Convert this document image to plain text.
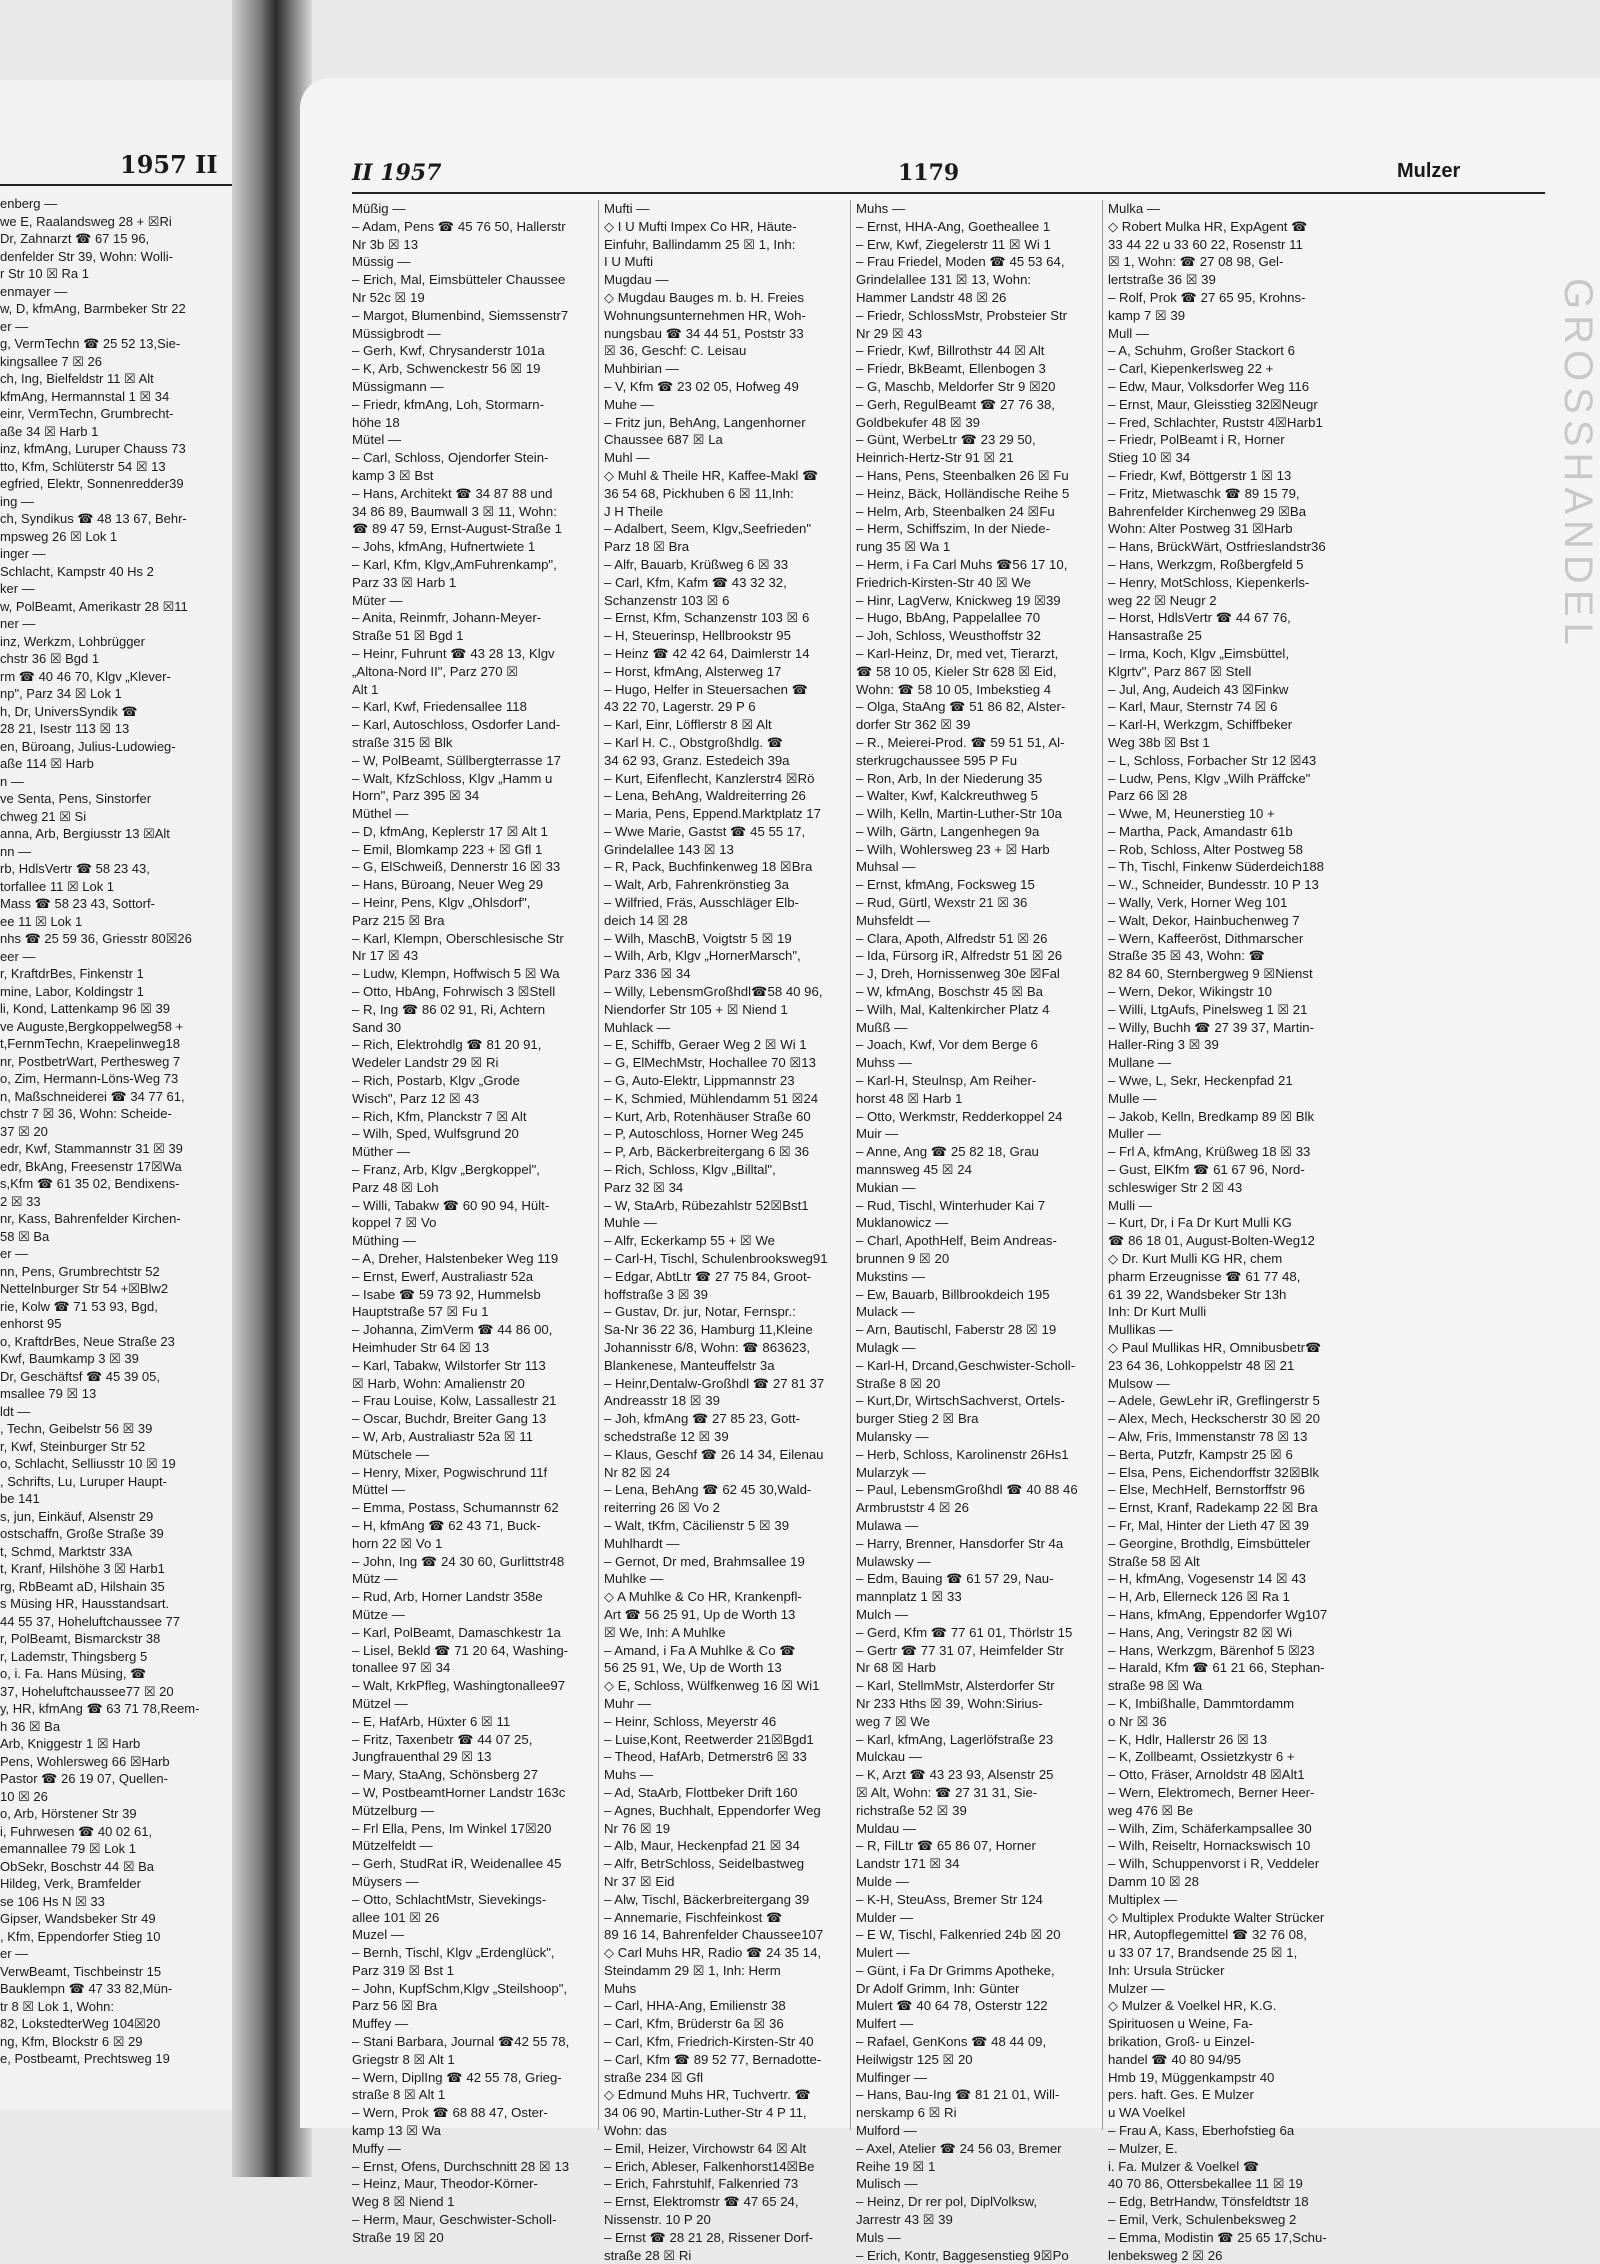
1957 II
enberg —
we E, Raalandsweg 28 + ☒Ri
Dr, Zahnarzt ☎ 67 15 96,
denfelder Str 39, Wohn: Wolli-
r Str 10 ☒ Ra 1
enmayer —
w, D, kfmAng, Barmbeker Str 22
er —
g, VermTechn ☎ 25 52 13,Sie-
kingsallee 7 ☒ 26
ch, Ing, Bielfeldstr 11 ☒ Alt
kfmAng, Hermannstal 1 ☒ 34
einr, VermTechn, Grumbrecht-
aße 34 ☒ Harb 1
inz, kfmAng, Luruper Chauss 73
tto, Kfm, Schlüterstr 54 ☒ 13
egfried, Elektr, Sonnenredder39
ing —
ch, Syndikus ☎ 48 13 67, Behr-
mpsweg 26 ☒ Lok 1
inger —
Schlacht, Kampstr 40 Hs 2
ker —
w, PolBeamt, Amerikastr 28 ☒11
ner —
inz, Werkzm, Lohbrügger
chstr 36 ☒ Bgd 1
rm ☎ 40 46 70, Klgv „Klever-
np", Parz 34 ☒ Lok 1
h, Dr, UniversSyndik ☎
28 21, Isestr 113 ☒ 13
en, Büroang, Julius-Ludowieg-
aße 114 ☒ Harb
n —
ve Senta, Pens, Sinstorfer
chweg 21 ☒ Si
anna, Arb, Bergiusstr 13 ☒Alt
nn —
rb, HdlsVertr ☎ 58 23 43,
torfallee 11 ☒ Lok 1
Mass ☎ 58 23 43, Sottorf-
ee 11 ☒ Lok 1
nhs ☎ 25 59 36, Griesstr 80☒26
eer —
r, KraftdrBes, Finkenstr 1
mine, Labor, Koldingstr 1
li, Kond, Lattenkamp 96 ☒ 39
ve Auguste,Bergkoppelweg58 +
t,FernmTechn, Kraepelinweg18
nr, PostbetrWart, Perthesweg 7
o, Zim, Hermann-Löns-Weg 73
n, Maßschneiderei ☎ 34 77 61,
chstr 7 ☒ 36, Wohn: Scheide-
37 ☒ 20
edr, Kwf, Stammannstr 31 ☒ 39
edr, BkAng, Freesenstr 17☒Wa
s,Kfm ☎ 61 35 02, Bendixens-
2 ☒ 33
nr, Kass, Bahrenfelder Kirchen-
58 ☒ Ba
er —
nn, Pens, Grumbrechtstr 52
Nettelnburger Str 54 +☒Blw2
rie, Kolw ☎ 71 53 93, Bgd,
enhorst 95
o, KraftdrBes, Neue Straße 23
Kwf, Baumkamp 3 ☒ 39
Dr, Geschäftsf ☎ 45 39 05,
msallee 79 ☒ 13
ldt —
, Techn, Geibelstr 56 ☒ 39
r, Kwf, Steinburger Str 52
o, Schlacht, Selliusstr 10 ☒ 19
, Schrifts, Lu, Luruper Haupt-
be 141
s, jun, Einkäuf, Alsenstr 29
ostschaffn, Große Straße 39
t, Schmd, Marktstr 33A
t, Kranf, Hilshöhe 3 ☒ Harb1
rg, RbBeamt aD, Hilshain 35
s Müsing HR, Hausstandsart.
44 55 37, Hoheluftchaussee 77
r, PolBeamt, Bismarckstr 38
r, Lademstr, Thingsberg 5
o, i. Fa. Hans Müsing, ☎
37, Hoheluftchaussee77 ☒ 20
y, HR, kfmAng ☎ 63 71 78,Reem-
h 36 ☒ Ba
Arb, Kniggestr 1 ☒ Harb
Pens, Wohlersweg 66 ☒Harb
Pastor ☎ 26 19 07, Quellen-
10 ☒ 26
o, Arb, Hörstener Str 39
i, Fuhrwesen ☎ 40 02 61,
emannallee 79 ☒ Lok 1
ObSekr, Boschstr 44 ☒ Ba
Hildeg, Verk, Bramfelder
se 106 Hs N ☒ 33
Gipser, Wandsbeker Str 49
, Kfm, Eppendorfer Stieg 10
er —
VerwBeamt, Tischbeinstr 15
Bauklempn ☎ 47 33 82,Mün-
tr 8 ☒ Lok 1, Wohn:
82, LokstedterWeg 104☒20
ng, Kfm, Blockstr 6 ☒ 29
e, Postbeamt, Prechtsweg 19
II 1957	1179	Mulzer
Müßig —
– Adam, Pens ☎ 45 76 50, Hallerstr
Nr 3b ☒ 13
Müssig —
– Erich, Mal, Eimsbütteler Chaussee
Nr 52c ☒ 19
– Margot, Blumenbind, Siemssenstr7
Müssigbrodt —
– Gerh, Kwf, Chrysanderstr 101a
– K, Arb, Schwenckestr 56 ☒ 19
Müssigmann —
– Friedr, kfmAng, Loh, Stormarn-
höhe 18
Mütel —
– Carl, Schloss, Ojendorfer Stein-
kamp 3 ☒ Bst
– Hans, Architekt ☎ 34 87 88 und
34 86 89, Baumwall 3 ☒ 11, Wohn:
☎ 89 47 59, Ernst-August-Straße 1
– Johs, kfmAng, Hufnertwiete 1
– Karl, Kfm, Klgv„AmFuhrenkamp",
Parz 33 ☒ Harb 1
Müter —
– Anita, Reinmfr, Johann-Meyer-
Straße 51 ☒ Bgd 1
– Heinr, Fuhrunt ☎ 43 28 13, Klgv
„Altona-Nord II", Parz 270 ☒
Alt 1
– Karl, Kwf, Friedensallee 118
– Karl, Autoschloss, Osdorfer Land-
straße 315 ☒ Blk
– W, PolBeamt, Süllbergterrasse 17
– Walt, KfzSchloss, Klgv „Hamm u
Horn", Parz 395 ☒ 34
Müthel —
– D, kfmAng, Keplerstr 17 ☒ Alt 1
– Emil, Blomkamp 223 + ☒ Gfl 1
– G, ElSchweiß, Dennerstr 16 ☒ 33
– Hans, Büroang, Neuer Weg 29
– Heinr, Pens, Klgv „Ohlsdorf",
Parz 215 ☒ Bra
– Karl, Klempn, Oberschlesische Str
Nr 17 ☒ 43
– Ludw, Klempn, Hoffwisch 5 ☒ Wa
– Otto, HbAng, Fohrwisch 3 ☒Stell
– R, Ing ☎ 86 02 91, Ri, Achtern
Sand 30
– Rich, Elektrohdlg ☎ 81 20 91,
Wedeler Landstr 29 ☒ Ri
– Rich, Postarb, Klgv „Grode
Wisch", Parz 12 ☒ 43
– Rich, Kfm, Planckstr 7 ☒ Alt
– Wilh, Sped, Wulfsgrund 20
Müther —
– Franz, Arb, Klgv „Bergkoppel",
Parz 48 ☒ Loh
– Willi, Tabakw ☎ 60 90 94, Hült-
koppel 7 ☒ Vo
Müthing —
– A, Dreher, Halstenbeker Weg 119
– Ernst, Ewerf, Australiastr 52a
– Isabe ☎ 59 73 92, Hummelsb
Hauptstraße 57 ☒ Fu 1
– Johanna, ZimVerm ☎ 44 86 00,
Heimhuder Str 64 ☒ 13
– Karl, Tabakw, Wilstorfer Str 113
☒ Harb, Wohn: Amalienstr 20
– Frau Louise, Kolw, Lassallestr 21
– Oscar, Buchdr, Breiter Gang 13
– W, Arb, Australiastr 52a ☒ 11
Mütschele —
– Henry, Mixer, Pogwischrund 11f
Müttel —
– Emma, Postass, Schumannstr 62
– H, kfmAng ☎ 62 43 71, Buck-
horn 22 ☒ Vo 1
– John, Ing ☎ 24 30 60, Gurlittstr48
Mütz —
– Rud, Arb, Horner Landstr 358e
Mütze —
– Karl, PolBeamt, Damaschkestr 1a
– Lisel, Bekld ☎ 71 20 64, Washing-
tonallee 97 ☒ 34
– Walt, KrkPfleg, Washingtonallee97
Mützel —
– E, HafArb, Hüxter 6 ☒ 11
– Fritz, Taxenbetr ☎ 44 07 25,
Jungfrauenthal 29 ☒ 13
– Mary, StaAng, Schönsberg 27
– W, PostbeamtHorner Landstr 163c
Mützelburg —
– Frl Ella, Pens, Im Winkel 17☒20
Mützelfeldt —
– Gerh, StudRat iR, Weidenallee 45
Müysers —
– Otto, SchlachtMstr, Sievekings-
allee 101 ☒ 26
Muzel —
– Bernh, Tischl, Klgv „Erdenglück",
Parz 319 ☒ Bst 1
– John, KupfSchm,Klgv „Steilshoop",
Parz 56 ☒ Bra
Muffey —
– Stani Barbara, Journal ☎42 55 78,
Griegstr 8 ☒ Alt 1
– Wern, DiplIng ☎ 42 55 78, Grieg-
straße 8 ☒ Alt 1
– Wern, Prok ☎ 68 88 47, Oster-
kamp 13 ☒ Wa
Muffy —
– Ernst, Ofens, Durchschnitt 28 ☒ 13
– Heinz, Maur, Theodor-Körner-
Weg 8 ☒ Niend 1
– Herm, Maur, Geschwister-Scholl-
Straße 19 ☒ 20
Mufti —
◇ I U Mufti Impex Co HR, Häute-
Einfuhr, Ballindamm 25 ☒ 1, Inh:
I U Mufti
Mugdau —
◇ Mugdau Bauges m. b. H. Freies
Wohnungsunternehmen HR, Woh-
nungsbau ☎ 34 44 51, Poststr 33
☒ 36, Geschf: C. Leisau
Muhbirian —
– V, Kfm ☎ 23 02 05, Hofweg 49
Muhe —
– Fritz jun, BehAng, Langenhorner
Chaussee 687 ☒ La
Muhl —
◇ Muhl & Theile HR, Kaffee-Makl ☎
36 54 68, Pickhuben 6 ☒ 11,Inh:
J H Theile
– Adalbert, Seem, Klgv„Seefrieden"
Parz 18 ☒ Bra
– Alfr, Bauarb, Krüßweg 6 ☒ 33
– Carl, Kfm, Kafm ☎ 43 32 32,
Schanzenstr 103 ☒ 6
– Ernst, Kfm, Schanzenstr 103 ☒ 6
– H, Steuerinsp, Hellbrookstr 95
– Heinz ☎ 42 42 64, Daimlerstr 14
– Horst, kfmAng, Alsterweg 17
– Hugo, Helfer in Steuersachen ☎
43 22 70, Lagerstr. 29 P 6
– Karl, Einr, Löfflerstr 8 ☒ Alt
– Karl H. C., Obstgroßhdlg. ☎
34 62 93, Granz. Estedeich 39a
– Kurt, Eifenflecht, Kanzlerstr4 ☒Rö
– Lena, BehAng, Waldreiterring 26
– Maria, Pens, Eppend.Marktplatz 17
– Wwe Marie, Gastst ☎ 45 55 17,
Grindelallee 143 ☒ 13
– R, Pack, Buchfinkenweg 18 ☒Bra
– Walt, Arb, Fahrenkrönstieg 3a
– Wilfried, Fräs, Ausschläger Elb-
deich 14 ☒ 28
– Wilh, MaschB, Voigtstr 5 ☒ 19
– Wilh, Arb, Klgv „HornerMarsch",
Parz 336 ☒ 34
– Willy, LebensmGroßhdl☎58 40 96,
Niendorfer Str 105 + ☒ Niend 1
Muhlack —
– E, Schiffb, Geraer Weg 2 ☒ Wi 1
– G, ElMechMstr, Hochallee 70 ☒13
– G, Auto-Elektr, Lippmannstr 23
– K, Schmied, Mühlendamm 51 ☒24
– Kurt, Arb, Rotenhäuser Straße 60
– P, Autoschloss, Horner Weg 245
– P, Arb, Bäckerbreitergang 6 ☒ 36
– Rich, Schloss, Klgv „Billtal",
Parz 32 ☒ 34
– W, StaArb, Rübezahlstr 52☒Bst1
Muhle —
– Alfr, Eckerkamp 55 + ☒ We
– Carl-H, Tischl, Schulenbrooksweg91
– Edgar, AbtLtr ☎ 27 75 84, Groot-
hoffstraße 3 ☒ 39
– Gustav, Dr. jur, Notar, Fernspr.:
Sa-Nr 36 22 36, Hamburg 11,Kleine
Johannisstr 6/8, Wohn: ☎ 863623,
Blankenese, Manteuffelstr 3a
– Heinr,Dentalw-Großhdl ☎ 27 81 37
Andreasstr 18 ☒ 39
– Joh, kfmAng ☎ 27 85 23, Gott-
schedstraße 12 ☒ 39
– Klaus, Geschf ☎ 26 14 34, Eilenau
Nr 82 ☒ 24
– Lena, BehAng ☎ 62 45 30,Wald-
reiterring 26 ☒ Vo 2
– Walt, tKfm, Cäcilienstr 5 ☒ 39
Muhlhardt —
– Gernot, Dr med, Brahmsallee 19
Muhlke —
◇ A Muhlke & Co HR, Krankenpfl-
Art ☎ 56 25 91, Up de Worth 13
☒ We, Inh: A Muhlke
– Amand, i Fa A Muhlke & Co ☎
56 25 91, We, Up de Worth 13
◇ E, Schloss, Wülfkenweg 16 ☒ Wi1
Muhr —
– Heinr, Schloss, Meyerstr 46
– Luise,Kont, Reetwerder 21☒Bgd1
– Theod, HafArb, Detmerstr6 ☒ 33
Muhs —
– Ad, StaArb, Flottbeker Drift 160
– Agnes, Buchhalt, Eppendorfer Weg
Nr 76 ☒ 19
– Alb, Maur, Heckenpfad 21 ☒ 34
– Alfr, BetrSchloss, Seidelbastweg
Nr 37 ☒ Eid
– Alw, Tischl, Bäckerbreitergang 39
– Annemarie, Fischfeinkost ☎
89 16 14, Bahrenfelder Chaussee107
◇ Carl Muhs HR, Radio ☎ 24 35 14,
Steindamm 29 ☒ 1, Inh: Herm
Muhs
– Carl, HHA-Ang, Emilienstr 38
– Carl, Kfm, Brüderstr 6a ☒ 36
– Carl, Kfm, Friedrich-Kirsten-Str 40
– Carl, Kfm ☎ 89 52 77, Bernadotte-
straße 234 ☒ Gfl
◇ Edmund Muhs HR, Tuchvertr. ☎
34 06 90, Martin-Luther-Str 4 P 11,
Wohn: das
– Emil, Heizer, Virchowstr 64 ☒ Alt
– Erich, Ableser, Falkenhorst14☒Be
– Erich, Fahrstuhlf, Falkenried 73
– Ernst, Elektromstr ☎ 47 65 24,
Nissenstr. 10 P 20
– Ernst ☎ 28 21 28, Rissener Dorf-
straße 28 ☒ Ri
Muhs —
– Ernst, HHA-Ang, Goetheallee 1
– Erw, Kwf, Ziegelerstr 11 ☒ Wi 1
– Frau Friedel, Moden ☎ 45 53 64,
Grindelallee 131 ☒ 13, Wohn:
Hammer Landstr 48 ☒ 26
– Friedr, SchlossMstr, Probsteier Str
Nr 29 ☒ 43
– Friedr, Kwf, Billrothstr 44 ☒ Alt
– Friedr, BkBeamt, Ellenbogen 3
– G, Maschb, Meldorfer Str 9 ☒20
– Gerh, RegulBeamt ☎ 27 76 38,
Goldbekufer 48 ☒ 39
– Günt, WerbeLtr ☎ 23 29 50,
Heinrich-Hertz-Str 91 ☒ 21
– Hans, Pens, Steenbalken 26 ☒ Fu
– Heinz, Bäck, Holländische Reihe 5
– Helm, Arb, Steenbalken 24 ☒Fu
– Herm, Schiffszim, In der Niede-
rung 35 ☒ Wa 1
– Herm, i Fa Carl Muhs ☎56 17 10,
Friedrich-Kirsten-Str 40 ☒ We
– Hinr, LagVerw, Knickweg 19 ☒39
– Hugo, BbAng, Pappelallee 70
– Joh, Schloss, Weusthoffstr 32
– Karl-Heinz, Dr, med vet, Tierarzt,
☎ 58 10 05, Kieler Str 628 ☒ Eid,
Wohn: ☎ 58 10 05, Imbekstieg 4
– Olga, StaAng ☎ 51 86 82, Alster-
dorfer Str 362 ☒ 39
– R., Meierei-Prod. ☎ 59 51 51, Al-
sterkrugchaussee 595 P Fu
– Ron, Arb, In der Niederung 35
– Walter, Kwf, Kalckreuthweg 5
– Wilh, Kelln, Martin-Luther-Str 10a
– Wilh, Gärtn, Langenhegen 9a
– Wilh, Wohlersweg 23 + ☒ Harb
Muhsal —
– Ernst, kfmAng, Focksweg 15
– Rud, Gürtl, Wexstr 21 ☒ 36
Muhsfeldt —
– Clara, Apoth, Alfredstr 51 ☒ 26
– Ida, Fürsorg iR, Alfredstr 51 ☒ 26
– J, Dreh, Hornissenweg 30e ☒Fal
– W, kfmAng, Boschstr 45 ☒ Ba
– Wilh, Mal, Kaltenkircher Platz 4
Mußß —
– Joach, Kwf, Vor dem Berge 6
Muhss —
– Karl-H, Steulnsp, Am Reiher-
horst 48 ☒ Harb 1
– Otto, Werkmstr, Redderkoppel 24
Muir —
– Anne, Ang ☎ 25 82 18, Grau
mannsweg 45 ☒ 24
Mukian —
– Rud, Tischl, Winterhuder Kai 7
Muklanowicz —
– Charl, ApothHelf, Beim Andreas-
brunnen 9 ☒ 20
Mukstins —
– Ew, Bauarb, Billbrookdeich 195
Mulack —
– Arn, Bautischl, Faberstr 28 ☒ 19
Mulagk —
– Karl-H, Drcand,Geschwister-Scholl-
Straße 8 ☒ 20
– Kurt,Dr, WirtschSachverst, Ortels-
burger Stieg 2 ☒ Bra
Mulansky —
– Herb, Schloss, Karolinenstr 26Hs1
Mularzyk —
– Paul, LebensmGroßhdl ☎ 40 88 46
Armbruststr 4 ☒ 26
Mulawa —
– Harry, Brenner, Hansdorfer Str 4a
Mulawsky —
– Edm, Bauing ☎ 61 57 29, Nau-
mannplatz 1 ☒ 33
Mulch —
– Gerd, Kfm ☎ 77 61 01, Thörlstr 15
– Gertr ☎ 77 31 07, Heimfelder Str
Nr 68 ☒ Harb
– Karl, StellmMstr, Alsterdorfer Str
Nr 233 Hths ☒ 39, Wohn:Sirius-
weg 7 ☒ We
– Karl, kfmAng, Lagerlöfstraße 23
Mulckau —
– K, Arzt ☎ 43 23 93, Alsenstr 25
☒ Alt, Wohn: ☎ 27 31 31, Sie-
richstraße 52 ☒ 39
Muldau —
– R, FilLtr ☎ 65 86 07, Horner
Landstr 171 ☒ 34
Mulde —
– K-H, SteuAss, Bremer Str 124
Mulder —
– E W, Tischl, Falkenried 24b ☒ 20
Mulert —
– Günt, i Fa Dr Grimms Apotheke,
Dr Adolf Grimm, Inh: Günter
Mulert ☎ 40 64 78, Osterstr 122
Mulfert —
– Rafael, GenKons ☎ 48 44 09,
Heilwigstr 125 ☒ 20
Mulfinger —
– Hans, Bau-Ing ☎ 81 21 01, Will-
nerskamp 6 ☒ Ri
Mulford —
– Axel, Atelier ☎ 24 56 03, Bremer
Reihe 19 ☒ 1
Mulisch —
– Heinz, Dr rer pol, DiplVolksw,
Jarrestr 43 ☒ 39
Muls —
– Erich, Kontr, Baggesenstieg 9☒Po
Mulka —
◇ Robert Mulka HR, ExpAgent ☎
33 44 22 u 33 60 22, Rosenstr 11
☒ 1, Wohn: ☎ 27 08 98, Gel-
lertstraße 36 ☒ 39
– Rolf, Prok ☎ 27 65 95, Krohns-
kamp 7 ☒ 39
Mull —
– A, Schuhm, Großer Stackort 6
– Carl, Kiepenkerlsweg 22 +
– Edw, Maur, Volksdorfer Weg 116
– Ernst, Maur, Gleisstieg 32☒Neugr
– Fred, Schlachter, Ruststr 4☒Harb1
– Friedr, PolBeamt i R, Horner
Stieg 10 ☒ 34
– Friedr, Kwf, Böttgerstr 1 ☒ 13
– Fritz, Mietwaschk ☎ 89 15 79,
Bahrenfelder Kirchenweg 29 ☒Ba
Wohn: Alter Postweg 31 ☒Harb
– Hans, BrückWärt, Ostfrieslandstr36
– Hans, Werkzgm, Roßbergfeld 5
– Henry, MotSchloss, Kiepenkerls-
weg 22 ☒ Neugr 2
– Horst, HdlsVertr ☎ 44 67 76,
Hansastraße 25
– Irma, Koch, Klgv „Eimsbüttel,
Klgrtv", Parz 867 ☒ Stell
– Jul, Ang, Audeich 43 ☒Finkw
– Karl, Maur, Sternstr 74 ☒ 6
– Karl-H, Werkzgm, Schiffbeker
Weg 38b ☒ Bst 1
– L, Schloss, Forbacher Str 12 ☒43
– Ludw, Pens, Klgv „Wilh Präffcke"
Parz 66 ☒ 28
– Wwe, M, Heunerstieg 10 +
– Martha, Pack, Amandastr 61b
– Rob, Schloss, Alter Postweg 58
– Th, Tischl, Finkenw Süderdeich188
– W., Schneider, Bundesstr. 10 P 13
– Wally, Verk, Horner Weg 101
– Walt, Dekor, Hainbuchenweg 7
– Wern, Kaffeeröst, Dithmarscher
Straße 35 ☒ 43, Wohn: ☎
82 84 60, Sternbergweg 9 ☒Nienst
– Wern, Dekor, Wikingstr 10
– Willi, LtgAufs, Pinelsweg 1 ☒ 21
– Willy, Buchh ☎ 27 39 37, Martin-
Haller-Ring 3 ☒ 39
Mullane —
– Wwe, L, Sekr, Heckenpfad 21
Mulle —
– Jakob, Kelln, Bredkamp 89 ☒ Blk
Muller —
– Frl A, kfmAng, Krüßweg 18 ☒ 33
– Gust, ElKfm ☎ 61 67 96, Nord-
schleswiger Str 2 ☒ 43
Mulli —
– Kurt, Dr, i Fa Dr Kurt Mulli KG
☎ 86 18 01, August-Bolten-Weg12
◇ Dr. Kurt Mulli KG HR, chem
pharm Erzeugnisse ☎ 61 77 48,
61 39 22, Wandsbeker Str 13h
Inh: Dr Kurt Mulli
Mullikas —
◇ Paul Mullikas HR, Omnibusbetr☎
23 64 36, Lohkoppelstr 48 ☒ 21
Mulsow —
– Adele, GewLehr iR, Greflingerstr 5
– Alex, Mech, Heckscherstr 30 ☒ 20
– Alw, Fris, Immenstanstr 78 ☒ 13
– Berta, Putzfr, Kampstr 25 ☒ 6
– Elsa, Pens, Eichendorffstr 32☒Blk
– Else, MechHelf, Bernstorffstr 96
– Ernst, Kranf, Radekamp 22 ☒ Bra
– Fr, Mal, Hinter der Lieth 47 ☒ 39
– Georgine, Brothdlg, Eimsbütteler
Straße 58 ☒ Alt
– H, kfmAng, Vogesenstr 14 ☒ 43
– H, Arb, Ellerneck 126 ☒ Ra 1
– Hans, kfmAng, Eppendorfer Wg107
– Hans, Ang, Veringstr 82 ☒ Wi
– Hans, Werkzgm, Bärenhof 5 ☒23
– Harald, Kfm ☎ 61 21 66, Stephan-
straße 98 ☒ Wa
– K, Imbißhalle, Dammtordamm
o Nr ☒ 36
– K, Hdlr, Hallerstr 26 ☒ 13
– K, Zollbeamt, Ossietzkystr 6 +
– Otto, Fräser, Arnoldstr 48 ☒Alt1
– Wern, Elektromech, Berner Heer-
weg 476 ☒ Be
– Wilh, Zim, Schäferkampsallee 30
– Wilh, Reiseltr, Hornackswisch 10
– Wilh, Schuppenvorst i R, Veddeler
Damm 10 ☒ 28
Multiplex —
◇ Multiplex Produkte Walter Strücker
HR, Autopflegemittel ☎ 32 76 08,
u 33 07 17, Brandsende 25 ☒ 1,
Inh: Ursula Strücker
Mulzer —
◇ Mulzer & Voelkel HR, K.G.
Spirituosen u Weine, Fa-
brikation, Groß- u Einzel-
handel ☎ 40 80 94/95
Hmb 19, Müggenkampstr 40
pers. haft. Ges. E Mulzer
u WA Voelkel
– Frau A, Kass, Eberhofstieg 6a
– Mulzer, E.
i. Fa. Mulzer & Voelkel ☎
40 70 86, Ottersbekallee 11 ☒ 19
– Edg, BetrHandw, Tönsfeldtstr 18
– Emil, Verk, Schulenbeksweg 2
– Emma, Modistin ☎ 25 65 17,Schu-
lenbeksweg 2 ☒ 26
GROSSHANDEL
